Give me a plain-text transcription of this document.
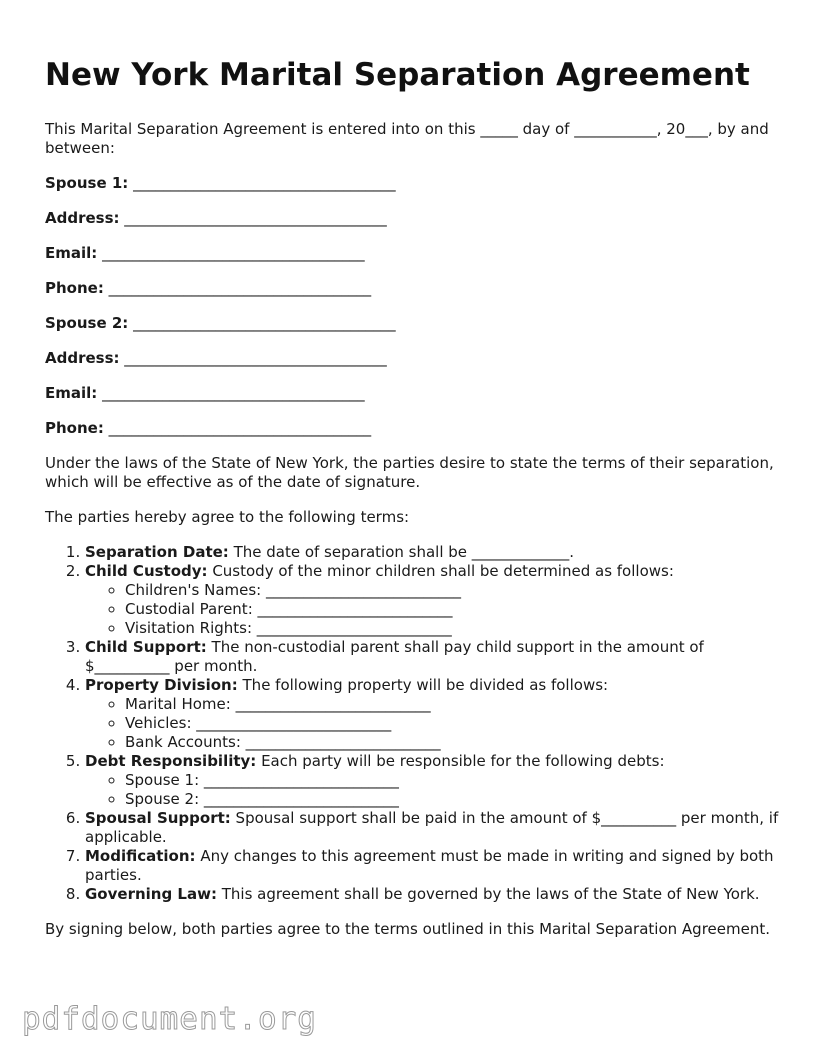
New York Marital Separation Agreement

This Marital Separation Agreement is entered into on this _____ day of ___________, 20___, by and between:

Spouse 1: ___________________________________
Address: ___________________________________
Email: ___________________________________
Phone: ___________________________________
Spouse 2: ___________________________________
Address: ___________________________________
Email: ___________________________________
Phone: ___________________________________

Under the laws of the State of New York, the parties desire to state the terms of their separation, which will be effective as of the date of signature.

The parties hereby agree to the following terms:

1. Separation Date: The date of separation shall be _____________.
2. Child Custody: Custody of the minor children shall be determined as follows:
◦ Children's Names: __________________________
◦ Custodial Parent: __________________________
◦ Visitation Rights: __________________________
3. Child Support: The non-custodial parent shall pay child support in the amount of $__________ per month.
4. Property Division: The following property will be divided as follows:
◦ Marital Home: __________________________
◦ Vehicles: __________________________
◦ Bank Accounts: __________________________
5. Debt Responsibility: Each party will be responsible for the following debts:
◦ Spouse 1: __________________________
◦ Spouse 2: __________________________
6. Spousal Support: Spousal support shall be paid in the amount of $__________ per month, if applicable.
7. Modification: Any changes to this agreement must be made in writing and signed by both parties.
8. Governing Law: This agreement shall be governed by the laws of the State of New York.

By signing below, both parties agree to the terms outlined in this Marital Separation Agreement.

pdfdocument.org
